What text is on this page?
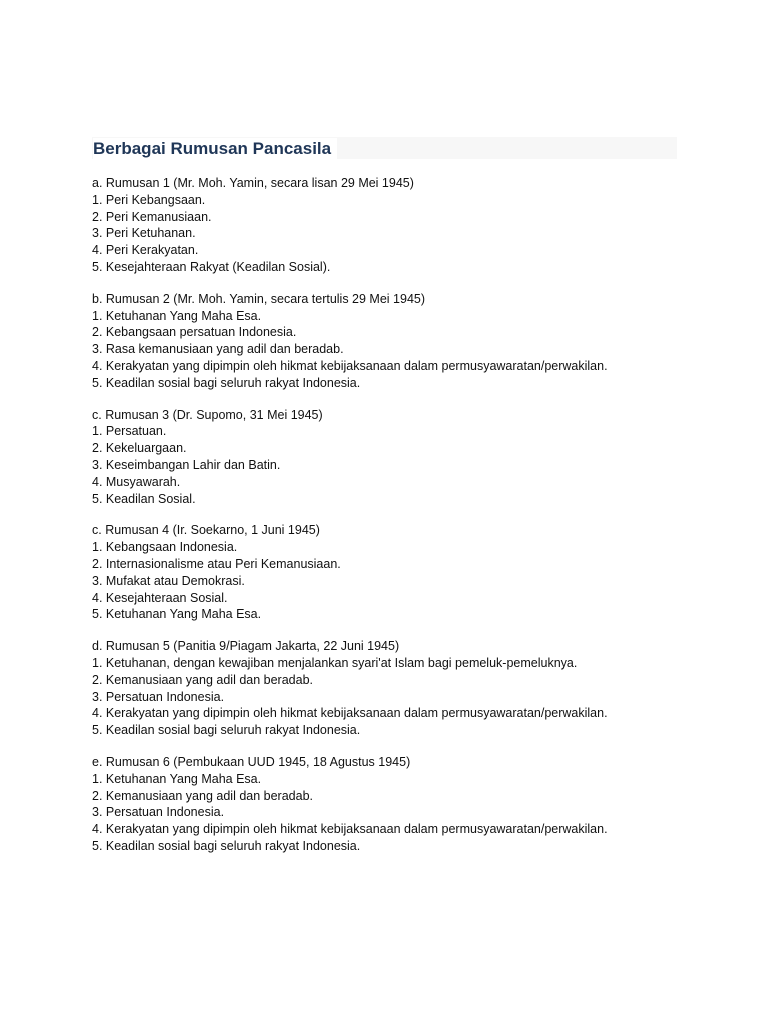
Berbagai Rumusan Pancasila
a. Rumusan 1 (Mr. Moh. Yamin, secara lisan 29 Mei 1945)
1. Peri Kebangsaan.
2. Peri Kemanusiaan.
3. Peri Ketuhanan.
4. Peri Kerakyatan.
5. Kesejahteraan Rakyat (Keadilan Sosial).
b. Rumusan 2 (Mr. Moh. Yamin, secara tertulis 29 Mei 1945)
1. Ketuhanan Yang Maha Esa.
2. Kebangsaan persatuan Indonesia.
3. Rasa kemanusiaan yang adil dan beradab.
4. Kerakyatan yang dipimpin oleh hikmat kebijaksanaan dalam permusyawaratan/perwakilan.
5. Keadilan sosial bagi seluruh rakyat Indonesia.
c. Rumusan 3 (Dr. Supomo, 31 Mei 1945)
1. Persatuan.
2. Kekeluargaan.
3. Keseimbangan Lahir dan Batin.
4. Musyawarah.
5. Keadilan Sosial.
c. Rumusan 4 (Ir. Soekarno, 1 Juni 1945)
1. Kebangsaan Indonesia.
2. Internasionalisme atau Peri Kemanusiaan.
3. Mufakat atau Demokrasi.
4. Kesejahteraan Sosial.
5. Ketuhanan Yang Maha Esa.
d. Rumusan 5 (Panitia 9/Piagam Jakarta, 22 Juni 1945)
1. Ketuhanan, dengan kewajiban menjalankan syari'at Islam bagi pemeluk-pemeluknya.
2. Kemanusiaan yang adil dan beradab.
3. Persatuan Indonesia.
4. Kerakyatan yang dipimpin oleh hikmat kebijaksanaan dalam permusyawaratan/perwakilan.
5. Keadilan sosial bagi seluruh rakyat Indonesia.
e. Rumusan 6 (Pembukaan UUD 1945, 18 Agustus 1945)
1. Ketuhanan Yang Maha Esa.
2. Kemanusiaan yang adil dan beradab.
3. Persatuan Indonesia.
4. Kerakyatan yang dipimpin oleh hikmat kebijaksanaan dalam permusyawaratan/perwakilan.
5. Keadilan sosial bagi seluruh rakyat Indonesia.
